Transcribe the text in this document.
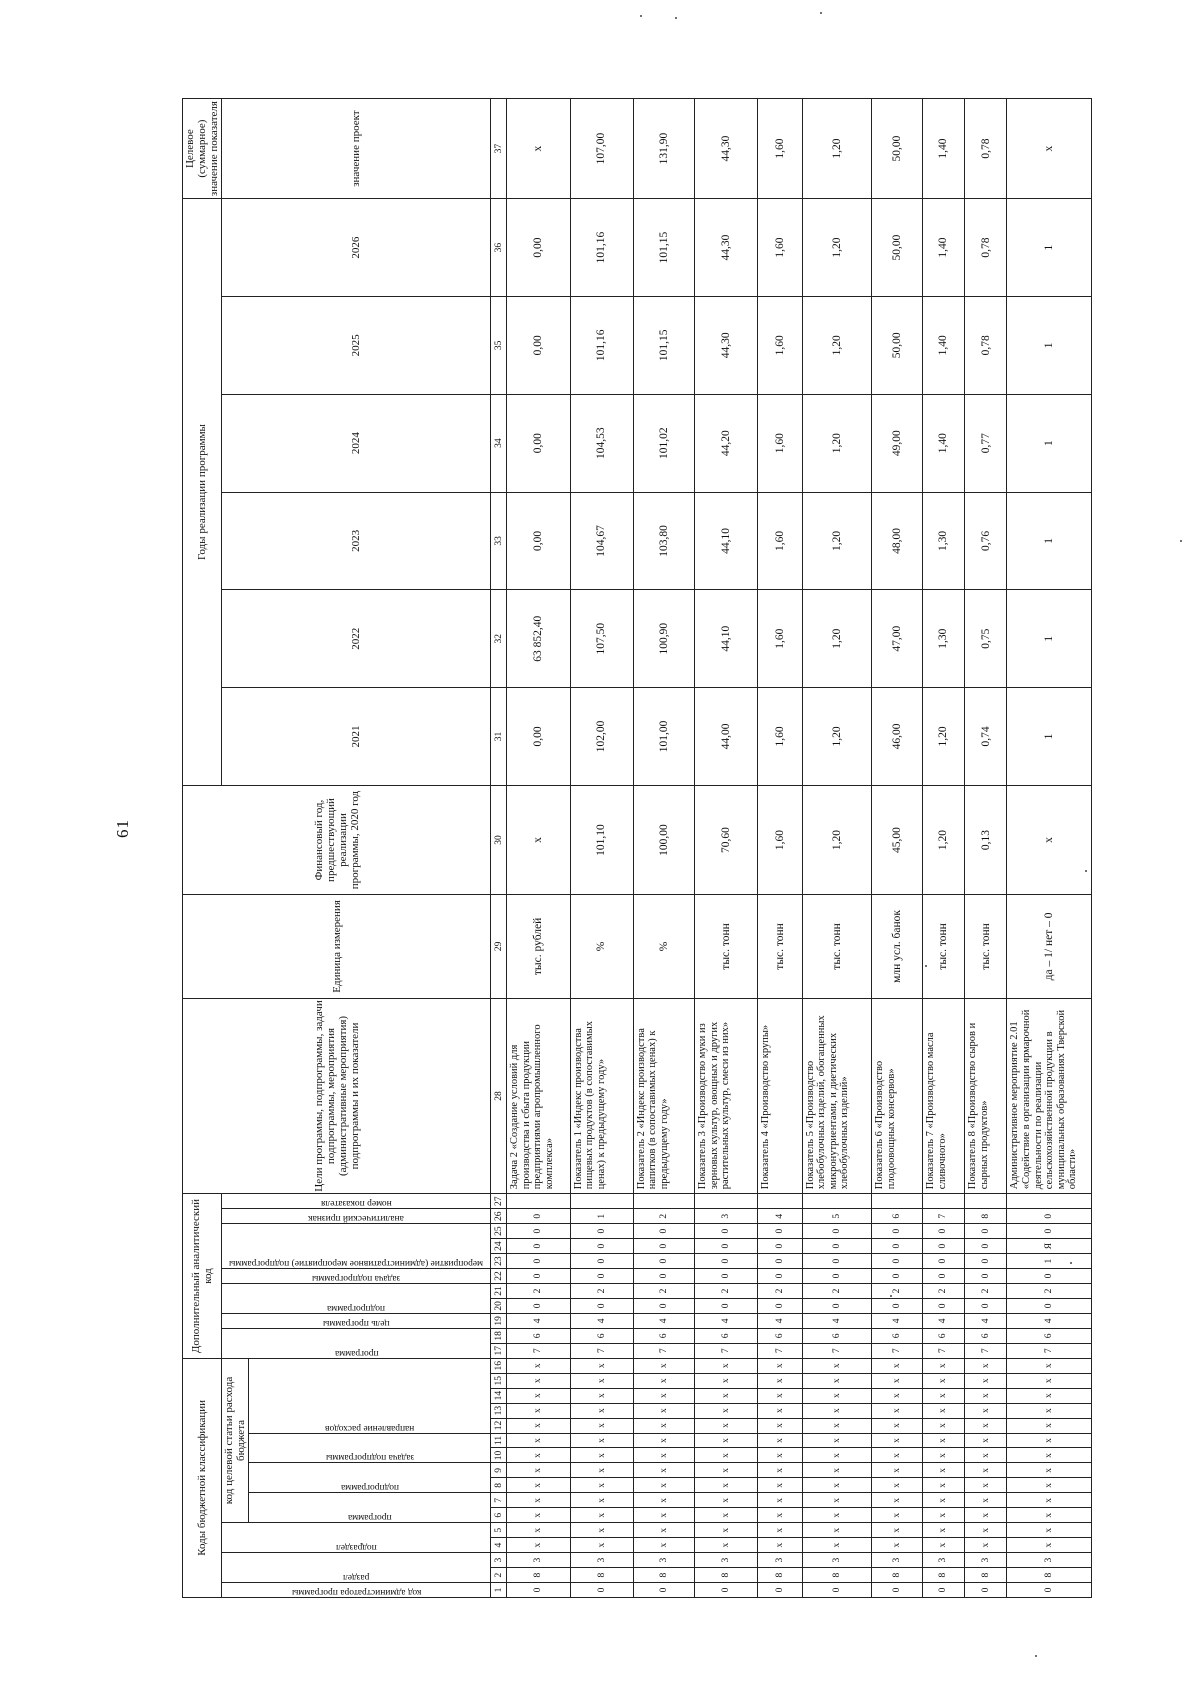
61
Коды бюджетной классификации																Дополнительный аналитический код											Цели программы, подпрограммы, задачи подпрограммы, мероприятия (административные мероприятия) подпрограммы и их показатели	Единица измерения	Финансовый год, предшествующий реализации программы, 2020 год	Годы реализации программы						Целевое (суммарное) значение показателя

код администратора программы	раздел		подраздел		код целевой статьи расхода бюджета											программа		цель программы	подпрограмма		задача подпрограммы	мероприятие (административное мероприятие) подпрограммы			аналитический признак	номер показателя				2021	2022	2023	2024	2025	2026	значение проект

					программа		подпрограмма		задача подпрограммы		направление расходов																									

1	2	3	4	5	6	7	8	9	10	11	12	13	14	15	16	17	18	19	20	21	22	23	24	25	26	27	28	29	30	31	32	33	34	35	36	37
0	8	3	x	x	x	x	x	x	x	x	x	x	x	x	x	7	6	4	0	2	0	0	0	0	0		Задача 2 «Создание условий для производства и сбыта продукции предприятиями агропромышленного комплекса»	тыс. рублей	x	0,00	63 852,40	0,00	0,00	0,00	0,00	x
0	8	3	x	x	x	x	x	x	x	x	x	x	x	x	x	7	6	4	0	2	0	0	0	0	1		Показатель 1 «Индекс производства пищевых продуктов (в сопоставимых ценах) к предыдущему году»	%	101,10	102,00	107,50	104,67	104,53	101,16	101,16	107,00
0	8	3	x	x	x	x	x	x	x	x	x	x	x	x	x	7	6	4	0	2	0	0	0	0	2		Показатель 2 «Индекс производства напитков (в сопоставимых ценах) к предыдущему году»	%	100,00	101,00	100,90	103,80	101,02	101,15	101,15	131,90
0	8	3	x	x	x	x	x	x	x	x	x	x	x	x	x	7	6	4	0	2	0	0	0	0	3		Показатель 3 «Производство муки из зерновых культур, овощных и других растительных культур, смеси из них»	тыс. тонн	70,60	44,00	44,10	44,10	44,20	44,30	44,30	44,30
0	8	3	x	x	x	x	x	x	x	x	x	x	x	x	x	7	6	4	0	2	0	0	0	0	4		Показатель 4 «Производство крупы»	тыс. тонн	1,60	1,60	1,60	1,60	1,60	1,60	1,60	1,60
0	8	3	x	x	x	x	x	x	x	x	x	x	x	x	x	7	6	4	0	2	0	0	0	0	5		Показатель 5 «Производство хлебобулочных изделий, обогащенных микронутриентами, и диетических хлебобулочных изделий»	тыс. тонн	1,20	1,20	1,20	1,20	1,20	1,20	1,20	1,20
0	8	3	x	x	x	x	x	x	x	x	x	x	x	x	x	7	6	4	0	2	0	0	0	0	6		Показатель 6 «Производство плодоовощных консервов»	млн усл. банок	45,00	46,00	47,00	48,00	49,00	50,00	50,00	50,00
0	8	3	x	x	x	x	x	x	x	x	x	x	x	x	x	7	6	4	0	2	0	0	0	0	7		Показатель 7 «Производство масла сливочного»	тыс. тонн	1,20	1,20	1,30	1,30	1,40	1,40	1,40	1,40
0	8	3	x	x	x	x	x	x	x	x	x	x	x	x	x	7	6	4	0	2	0	0	0	0	8		Показатель 8 «Производство сыров и сырных продуктов»	тыс. тонн	0,13	0,74	0,75	0,76	0,77	0,78	0,78	0,78
0	8	3	x	x	x	x	x	x	x	x	x	x	x	x	x	7	6	4	0	2	0	1	Я	0	0		Административное мероприятие 2.01 «Содействие в организации ярмарочной деятельности по реализации сельскохозяйственной продукции в муниципальных образованиях Тверской области»	да – 1/ нет – 0	x	1	1	1	1	1	1	x
